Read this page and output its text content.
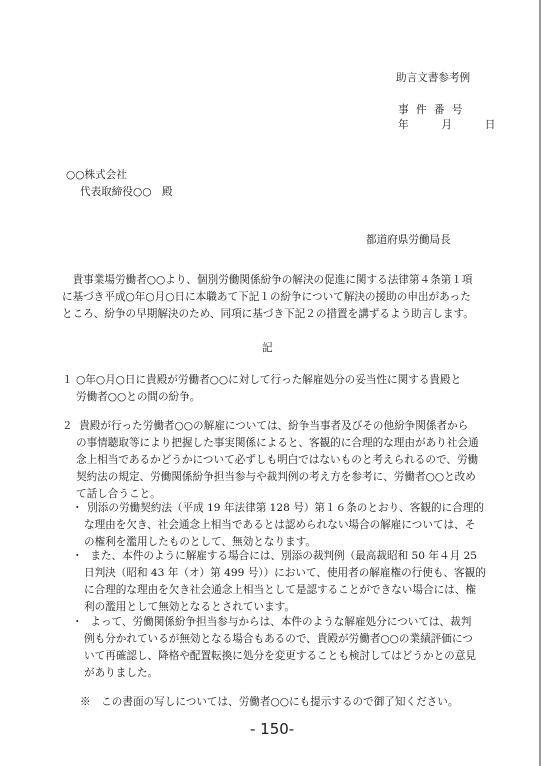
助言文書参考例
事 件 番 号
年	月	日
○○株式会社
代表取締役○○　殿
都道府県労働局長

貴事業場労働者○○より、個別労働関係紛争の解決の促進に関する法律第４条第１項

に基づき平成○年○月○日に本職あて下記１の紛争について解決の援助の申出があった

ところ、紛争の早期解決のため、同項に基づき下記２の措置を講ずるよう助言します。

記
１ ○年○月○日に貴殿が労働者○○に対して行った解雇処分の妥当性に関する貴殿と
労働者○○との間の紛争。
２ 貴殿が行った労働者○○の解雇については、紛争当事者及びその他紛争関係者から
の事情聴取等により把握した事実関係によると、客観的に合理的な理由があり社会通
念上相当であるかどうかについて必ずしも明白ではないものと考えられるので、労働
契約法の規定、労働関係紛争担当参与や裁判例の考え方を参考に、労働者○○と改め
て話し合うこと。
・ 別添の労働契約法（平成 19 年法律第 128 号）第１６条のとおり、客観的に合理的
な理由を欠き、社会通念上相当であるとは認められない場合の解雇については、そ
の権利を濫用したものとして、無効となります。
・ また、本件のように解雇する場合には、別添の裁判例（最高裁昭和 50 年４月 25
日判決（昭和 43 年（オ）第 499 号））において、使用者の解雇権の行使も、客観的
に合理的な理由を欠き社会通念上相当として是認することができない場合には、権
利の濫用として無効となるとされています。
・ よって、労働関係紛争担当参与からは、本件のような解雇処分については、裁判
例も分かれているが無効となる場合もあるので、貴殿が労働者○○の業績評価につ
いて再確認し、降格や配置転換に処分を変更することも検討してはどうかとの意見
がありました。
※　この書面の写しについては、労働者○○にも提示するので御了知ください。
- 150-
